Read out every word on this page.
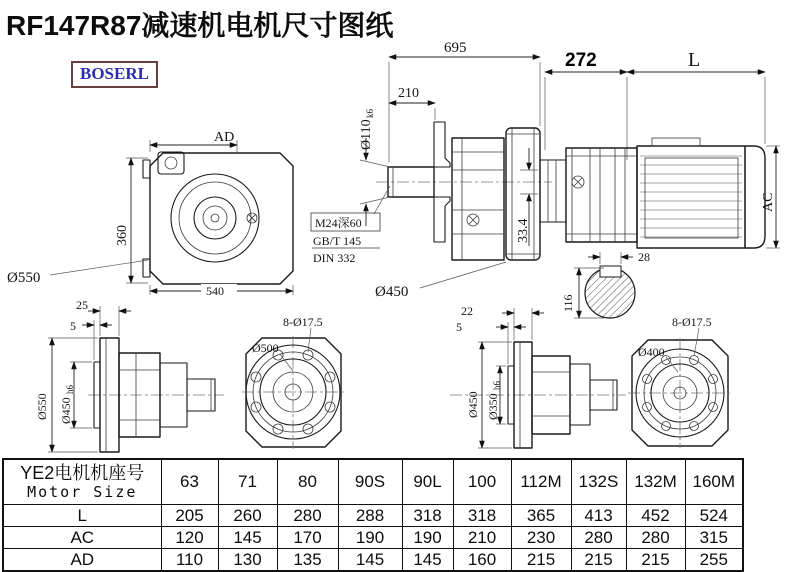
RF147R87减速机电机尺寸图纸
BOSERL
AD
360
540
Ø550
695
210
Ø110
k6
33.4
M24深60
GB/T 145
DIN 332
Ø450
272	L
AC
28
116
25
5
Ø550 Ø450
h6
8-Ø17.5
Ø500
22
5
Ø450 Ø350
h6
8-Ø17.5
Ø400
YE2电机机座号
Motor Size	63	71	80	90S	90L	100	112M	132S	132M	160M
L	205	260	280	288	318	318	365	413	452	524
AC	120	145	170	190	190	210	230	280	280	315
AD	110	130	135	145	145	160	215	215	215	255
